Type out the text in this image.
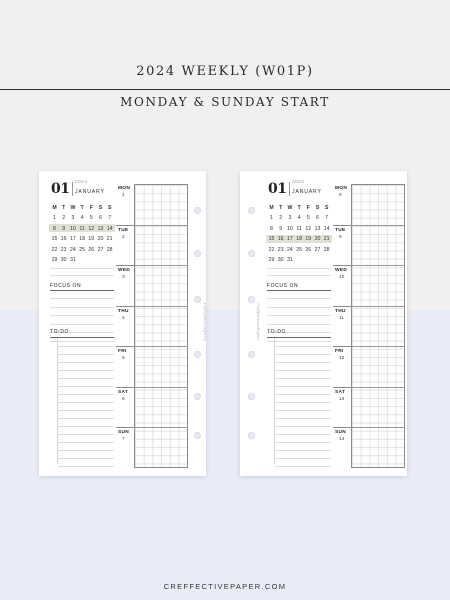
2024 WEEKLY (W01P)
MONDAY & SUNDAY START
01 2024
JANUARY
M	T W T	F	S	S
1	2	3	4	5	6	7
8	9 10 11 12 13 14
15 16 17 18 19 20 21
22 23 24 25 26 27 28
29 30 31
FOCUS ON
TO-DO
MON
1
TUE
2
WED
3
THU
4
FRI
5
SAT
6
SUN
7
CreffectivePaper
01 2024
JANUARY
M	T W T	F	S	S
1	2	3	4	5	6	7
8	9 10 11 12 13 14
15 16 17 18 19 20 21
22 23 24 25 26 27 28
29 30 31
FOCUS ON
TO-DO
MON
8
TUE
9
WED
10
THU
11
FRI
12
SAT
13
SUN
14
CreffectivePaper
CREFFECTIVEPAPER.COM
